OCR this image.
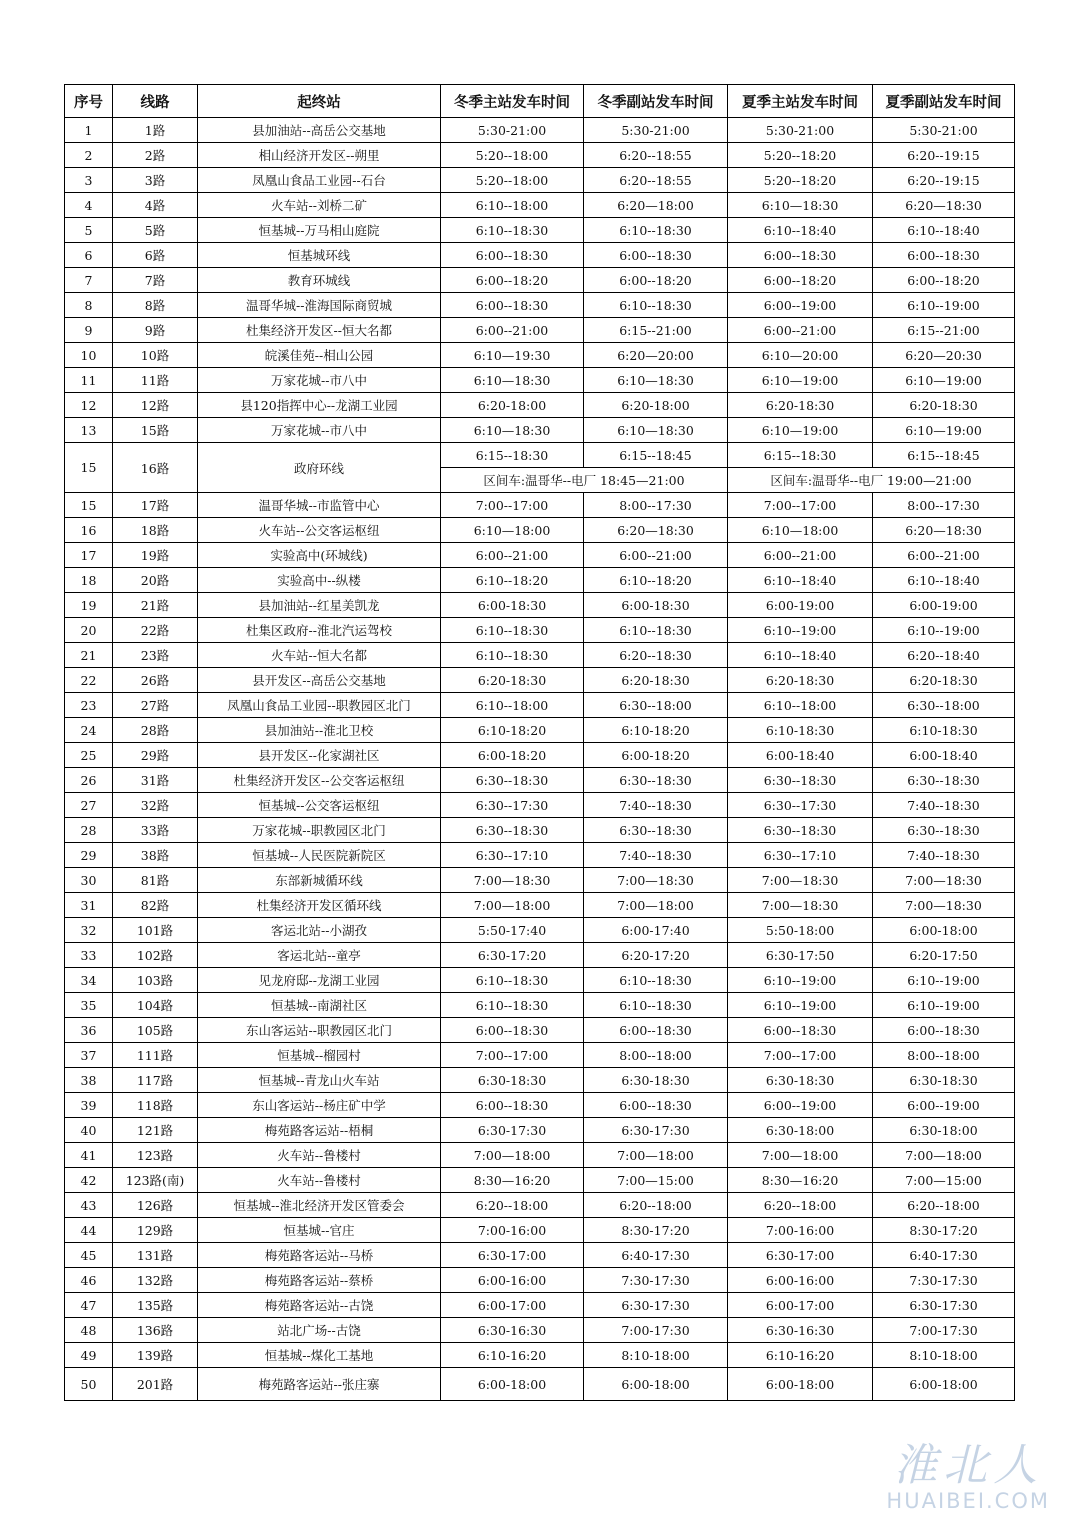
序号	线路	起终站	冬季主站发车时间	冬季副站发车时间	夏季主站发车时间	夏季副站发车时间
1	1路	县加油站--高岳公交基地	5:30-21:00	5:30-21:00	5:30-21:00	5:30-21:00
2	2路	相山经济开发区--朔里	5:20--18:00	6:20--18:55	5:20--18:20	6:20--19:15
3	3路	凤凰山食品工业园--石台	5:20--18:00	6:20--18:55	5:20--18:20	6:20--19:15
4	4路	火车站--刘桥二矿	6:10--18:00	6:20—18:00	6:10—18:30	6:20—18:30
5	5路	恒基城--万马相山庭院	6:10--18:30	6:10--18:30	6:10--18:40	6:10--18:40
6	6路	恒基城环线	6:00--18:30	6:00--18:30	6:00--18:30	6:00--18:30
7	7路	教育环城线	6:00--18:20	6:00--18:20	6:00--18:20	6:00--18:20
8	8路	温哥华城--淮海国际商贸城	6:00--18:30	6:10--18:30	6:00--19:00	6:10--19:00
9	9路	杜集经济开发区--恒大名都	6:00--21:00	6:15--21:00	6:00--21:00	6:15--21:00
10	10路	皖溪佳苑--相山公园	6:10—19:30	6:20—20:00	6:10—20:00	6:20—20:30
11	11路	万家花城--市八中	6:10—18:30	6:10—18:30	6:10—19:00	6:10—19:00
12	12路	县120指挥中心--龙湖工业园	6:20-18:00	6:20-18:00	6:20-18:30	6:20-18:30
13	15路	万家花城--市八中	6:10—18:30	6:10—18:30	6:10—19:00	6:10—19:00
15	16路	政府环线	6:15--18:30	6:15--18:45	6:15--18:30	6:15--18:45
			区间车:温哥华--电厂 18:45—21:00		区间车:温哥华--电厂 19:00—21:00	
15	17路	温哥华城--市监管中心	7:00--17:00	8:00--17:30	7:00--17:00	8:00--17:30
16	18路	火车站--公交客运枢纽	6:10—18:00	6:20—18:30	6:10—18:00	6:20—18:30
17	19路	实验高中(环城线)	6:00--21:00	6:00--21:00	6:00--21:00	6:00--21:00
18	20路	实验高中--纵楼	6:10--18:20	6:10--18:20	6:10--18:40	6:10--18:40
19	21路	县加油站--红星美凯龙	6:00-18:30	6:00-18:30	6:00-19:00	6:00-19:00
20	22路	杜集区政府--淮北汽运驾校	6:10--18:30	6:10--18:30	6:10--19:00	6:10--19:00
21	23路	火车站--恒大名都	6:10--18:30	6:20--18:30	6:10--18:40	6:20--18:40
22	26路	县开发区--高岳公交基地	6:20-18:30	6:20-18:30	6:20-18:30	6:20-18:30
23	27路	凤凰山食品工业园--职教园区北门	6:10--18:00	6:30--18:00	6:10--18:00	6:30--18:00
24	28路	县加油站--淮北卫校	6:10-18:20	6:10-18:20	6:10-18:30	6:10-18:30
25	29路	县开发区--化家湖社区	6:00-18:20	6:00-18:20	6:00-18:40	6:00-18:40
26	31路	杜集经济开发区--公交客运枢纽	6:30--18:30	6:30--18:30	6:30--18:30	6:30--18:30
27	32路	恒基城--公交客运枢纽	6:30--17:30	7:40--18:30	6:30--17:30	7:40--18:30
28	33路	万家花城--职教园区北门	6:30--18:30	6:30--18:30	6:30--18:30	6:30--18:30
29	38路	恒基城--人民医院新院区	6:30--17:10	7:40--18:30	6:30--17:10	7:40--18:30
30	81路	东部新城循环线	7:00—18:30	7:00—18:30	7:00—18:30	7:00—18:30
31	82路	杜集经济开发区循环线	7:00—18:00	7:00—18:00	7:00—18:30	7:00—18:30
32	101路	客运北站--小湖孜	5:50-17:40	6:00-17:40	5:50-18:00	6:00-18:00
33	102路	客运北站--童亭	6:30-17:20	6:20-17:20	6:30-17:50	6:20-17:50
34	103路	见龙府邸--龙湖工业园	6:10--18:30	6:10--18:30	6:10--19:00	6:10--19:00
35	104路	恒基城--南湖社区	6:10--18:30	6:10--18:30	6:10--19:00	6:10--19:00
36	105路	东山客运站--职教园区北门	6:00--18:30	6:00--18:30	6:00--18:30	6:00--18:30
37	111路	恒基城--榴园村	7:00--17:00	8:00--18:00	7:00--17:00	8:00--18:00
38	117路	恒基城--青龙山火车站	6:30-18:30	6:30-18:30	6:30-18:30	6:30-18:30
39	118路	东山客运站--杨庄矿中学	6:00--18:30	6:00--18:30	6:00--19:00	6:00--19:00
40	121路	梅苑路客运站--梧桐	6:30-17:30	6:30-17:30	6:30-18:00	6:30-18:00
41	123路	火车站--鲁楼村	7:00—18:00	7:00—18:00	7:00—18:00	7:00—18:00
42	123路(南)	火车站--鲁楼村	8:30—16:20	7:00—15:00	8:30—16:20	7:00—15:00
43	126路	恒基城--淮北经济开发区管委会	6:20--18:00	6:20--18:00	6:20--18:00	6:20--18:00
44	129路	恒基城--官庄	7:00-16:00	8:30-17:20	7:00-16:00	8:30-17:20
45	131路	梅苑路客运站--马桥	6:30-17:00	6:40-17:30	6:30-17:00	6:40-17:30
46	132路	梅苑路客运站--蔡桥	6:00-16:00	7:30-17:30	6:00-16:00	7:30-17:30
47	135路	梅苑路客运站--古饶	6:00-17:00	6:30-17:30	6:00-17:00	6:30-17:30
48	136路	站北广场--古饶	6:30-16:30	7:00-17:30	6:30-16:30	7:00-17:30
49	139路	恒基城--煤化工基地	6:10-16:20	8:10-18:00	6:10-16:20	8:10-18:00
50	201路	梅苑路客运站--张庄寨	6:00-18:00	6:00-18:00	6:00-18:00	6:00-18:00
淮北人
HUAIBEI.COM
